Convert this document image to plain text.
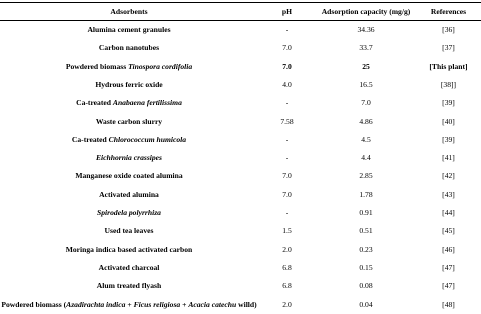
Adsorbents	pH	Adsorption capacity (mg/g)	References
Alumina cement granules	-	34.36	[36]
Carbon nanotubes	7.0	33.7	[37]
Powdered biomass Tinospora cordifolia	7.0	25	[This plant]
Hydrous ferric oxide	4.0	16.5	[38]]
Ca-treated Anabaena fertilissima	-	7.0	[39]
Waste carbon slurry	7.58	4.86	[40]
Ca-treated Chlorococcum humicola	-	4.5	[39]
Eichhornia crassipes	-	4.4	[41]
Manganese oxide coated alumina	7.0	2.85	[42]
Activated alumina	7.0	1.78	[43]
Spirodela polyrrhiza	-	0.91	[44]
Used tea leaves	1.5	0.51	[45]
Moringa indica based activated carbon	2.0	0.23	[46]
Activated charcoal	6.8	0.15	[47]
Alum treated flyash	6.8	0.08	[47]
Powdered biomass (Azadirachta indica + Ficus religiosa + Acacia catechu willd)	2.0	0.04	[48]
